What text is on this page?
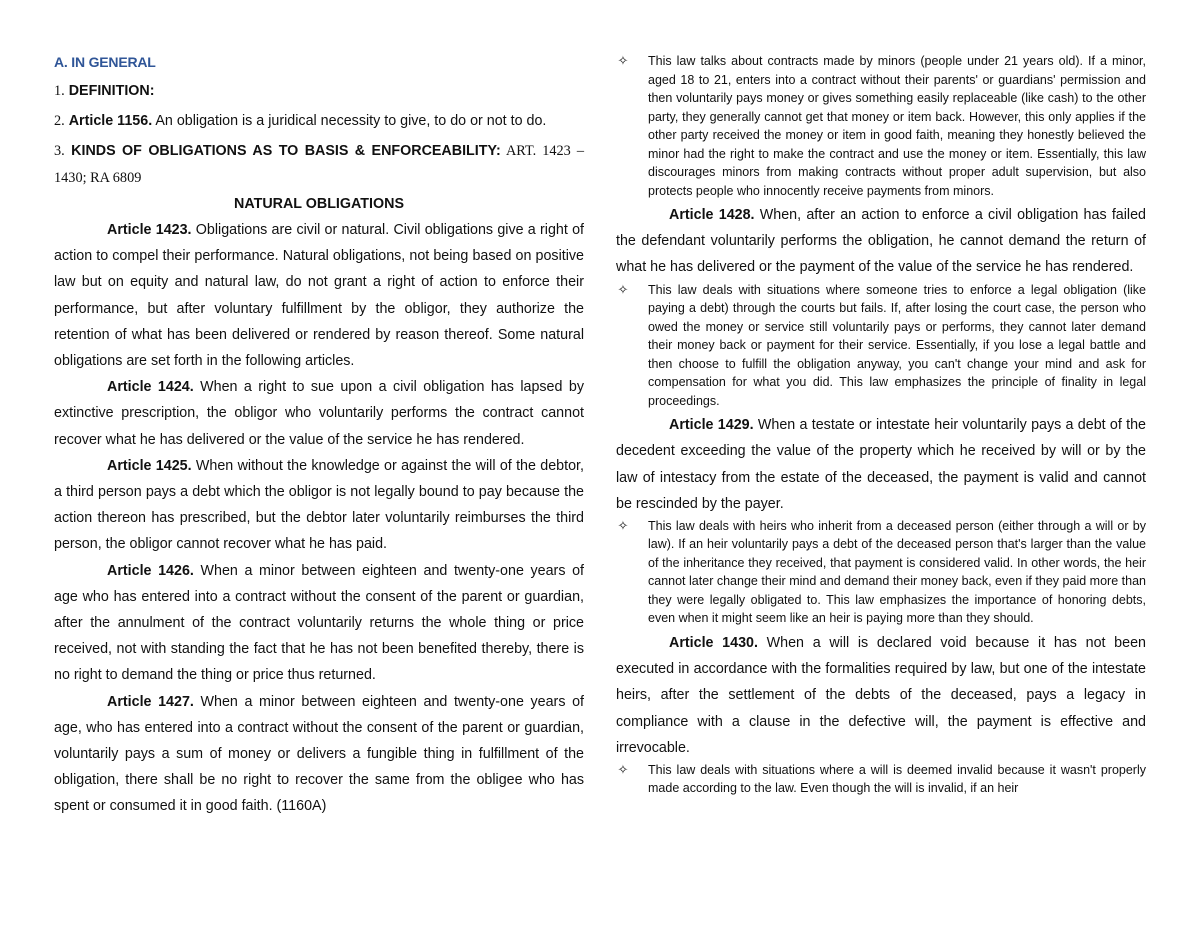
A. IN GENERAL

1. DEFINITION:

2. Article 1156. An obligation is a juridical necessity to give, to do or not to do.

3. KINDS OF OBLIGATIONS AS TO BASIS & ENFORCEABILITY: ART. 1423 – 1430; RA 6809

NATURAL OBLIGATIONS

Article 1423. Obligations are civil or natural. Civil obligations give a right of action to compel their performance. Natural obligations, not being based on positive law but on equity and natural law, do not grant a right of action to enforce their performance, but after voluntary fulfillment by the obligor, they authorize the retention of what has been delivered or rendered by reason thereof. Some natural obligations are set forth in the following articles.

Article 1424. When a right to sue upon a civil obligation has lapsed by extinctive prescription, the obligor who voluntarily performs the contract cannot recover what he has delivered or the value of the service he has rendered.

Article 1425. When without the knowledge or against the will of the debtor, a third person pays a debt which the obligor is not legally bound to pay because the action thereon has prescribed, but the debtor later voluntarily reimburses the third person, the obligor cannot recover what he has paid.

Article 1426. When a minor between eighteen and twenty-one years of age who has entered into a contract without the consent of the parent or guardian, after the annulment of the contract voluntarily returns the whole thing or price received, not with standing the fact that he has not been benefited thereby, there is no right to demand the thing or price thus returned.

Article 1427. When a minor between eighteen and twenty-one years of age, who has entered into a contract without the consent of the parent or guardian, voluntarily pays a sum of money or delivers a fungible thing in fulfillment of the obligation, there shall be no right to recover the same from the obligee who has spent or consumed it in good faith. (1160A)

✧ This law talks about contracts made by minors (people under 21 years old). If a minor, aged 18 to 21, enters into a contract without their parents' or guardians' permission and then voluntarily pays money or gives something easily replaceable (like cash) to the other party, they generally cannot get that money or item back. However, this only applies if the other party received the money or item in good faith, meaning they honestly believed the minor had the right to make the contract and use the money or item. Essentially, this law discourages minors from making contracts without proper adult supervision, but also protects people who innocently receive payments from minors.

Article 1428. When, after an action to enforce a civil obligation has failed the defendant voluntarily performs the obligation, he cannot demand the return of what he has delivered or the payment of the value of the service he has rendered.

✧ This law deals with situations where someone tries to enforce a legal obligation (like paying a debt) through the courts but fails. If, after losing the court case, the person who owed the money or service still voluntarily pays or performs, they cannot later demand their money back or payment for their service. Essentially, if you lose a legal battle and then choose to fulfill the obligation anyway, you can't change your mind and ask for compensation for what you did. This law emphasizes the principle of finality in legal proceedings.

Article 1429. When a testate or intestate heir voluntarily pays a debt of the decedent exceeding the value of the property which he received by will or by the law of intestacy from the estate of the deceased, the payment is valid and cannot be rescinded by the payer.

✧ This law deals with heirs who inherit from a deceased person (either through a will or by law). If an heir voluntarily pays a debt of the deceased person that's larger than the value of the inheritance they received, that payment is considered valid. In other words, the heir cannot later change their mind and demand their money back, even if they paid more than they were legally obligated to. This law emphasizes the importance of honoring debts, even when it might seem like an heir is paying more than they should.

Article 1430. When a will is declared void because it has not been executed in accordance with the formalities required by law, but one of the intestate heirs, after the settlement of the debts of the deceased, pays a legacy in compliance with a clause in the defective will, the payment is effective and irrevocable.

✧ This law deals with situations where a will is deemed invalid because it wasn't properly made according to the law. Even though the will is invalid, if an heir
